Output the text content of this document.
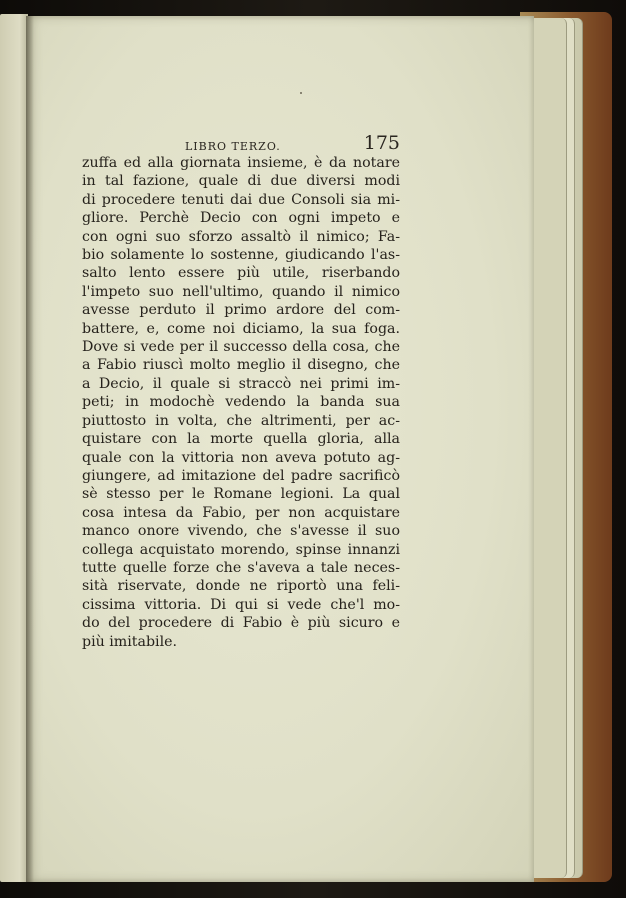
LIBRO TERZO.	175
zuffa ed alla giornata insieme, è da notare
in tal fazione, quale di due diversi modi
di procedere tenuti dai due Consoli sia mi-
gliore. Perchè Decio con ogni impeto e
con ogni suo sforzo assaltò il nimico; Fa-
bio solamente lo sostenne, giudicando l'as-
salto lento essere più utile, riserbando
l'impeto suo nell'ultimo, quando il nimico
avesse perduto il primo ardore del com-
battere, e, come noi diciamo, la sua foga.
Dove si vede per il successo della cosa, che
a Fabio riuscì molto meglio il disegno, che
a Decio, il quale si straccò nei primi im-
peti; in modochè vedendo la banda sua
piuttosto in volta, che altrimenti, per ac-
quistare con la morte quella gloria, alla
quale con la vittoria non aveva potuto ag-
giungere, ad imitazione del padre sacrificò
sè stesso per le Romane legioni. La qual
cosa intesa da Fabio, per non acquistare
manco onore vivendo, che s'avesse il suo
collega acquistato morendo, spinse innanzi
tutte quelle forze che s'aveva a tale neces-
sità riservate, donde ne riportò una feli-
cissima vittoria. Di qui si vede che'l mo-
do del procedere di Fabio è più sicuro e
più imitabile.
